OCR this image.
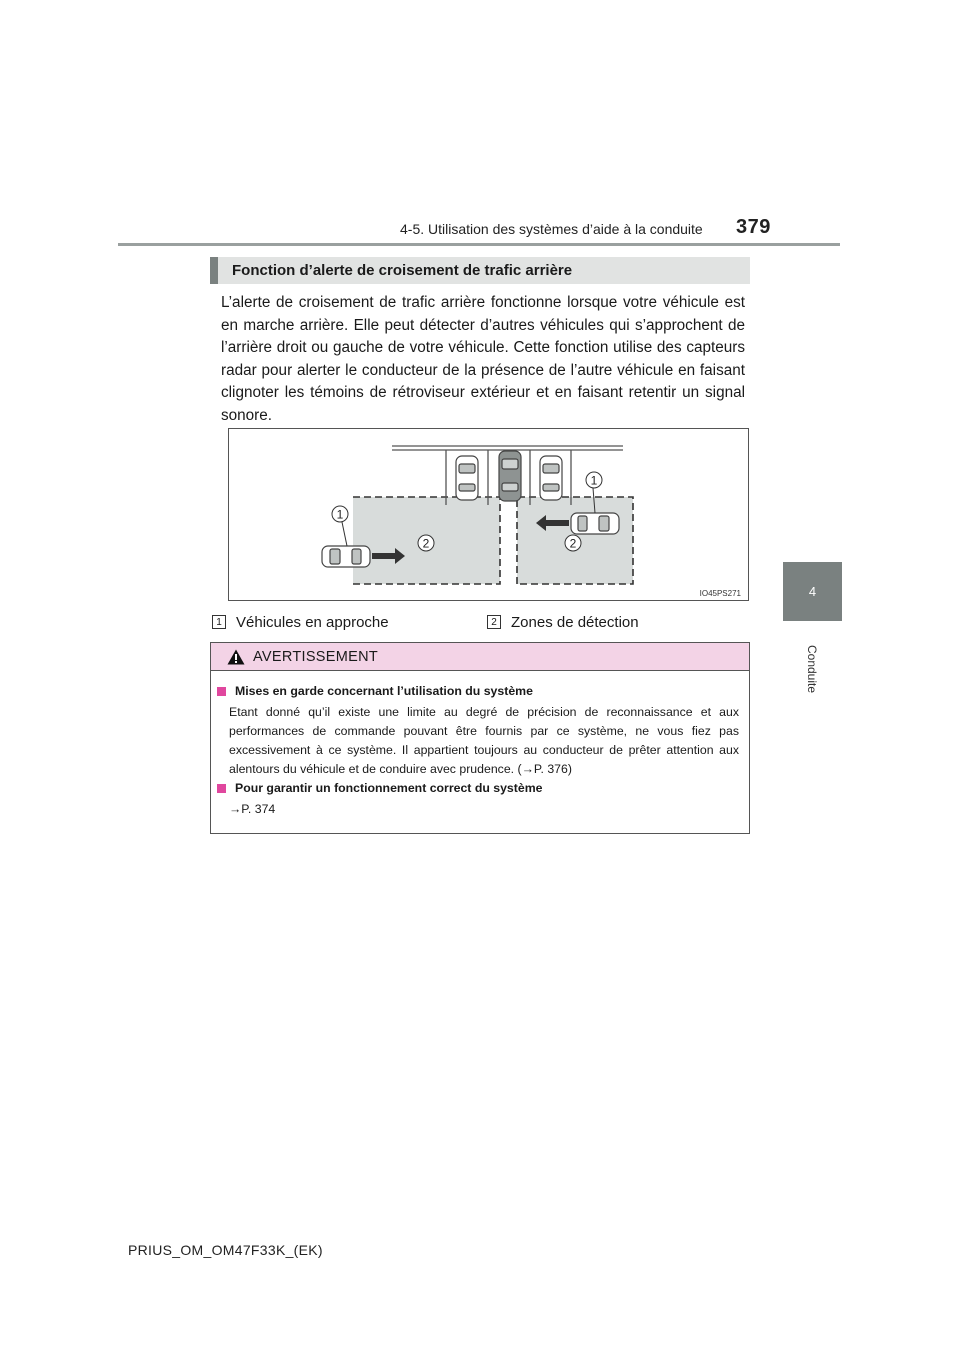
4-5. Utilisation des systèmes d’aide à la conduite 379
4
Conduite
Fonction d’alerte de croisement de trafic arrière
L’alerte de croisement de trafic arrière fonctionne lorsque votre véhicule est en marche arrière. Elle peut détecter d’autres véhicules qui s’approchent de l’arrière droit ou gauche de votre véhicule. Cette fonction utilise des capteurs radar pour alerter le conducteur de la présence de l’autre véhicule en faisant clignoter les témoins de rétroviseur extérieur et en faisant retentir un signal sonore.
1
1
2	2
IO45PS271
1 Véhicules en approche	2 Zones de détection
AVERTISSEMENT
Mises en garde concernant l’utilisation du système
Etant donné qu’il existe une limite au degré de précision de reconnaissance et aux performances de commande pouvant être fournis par ce système, ne vous fiez pas excessivement à ce système. Il appartient toujours au conducteur de prêter attention aux alentours du véhicule et de conduire avec prudence. (→P. 376)
Pour garantir un fonctionnement correct du système
→P. 374
PRIUS_OM_OM47F33K_(EK)
